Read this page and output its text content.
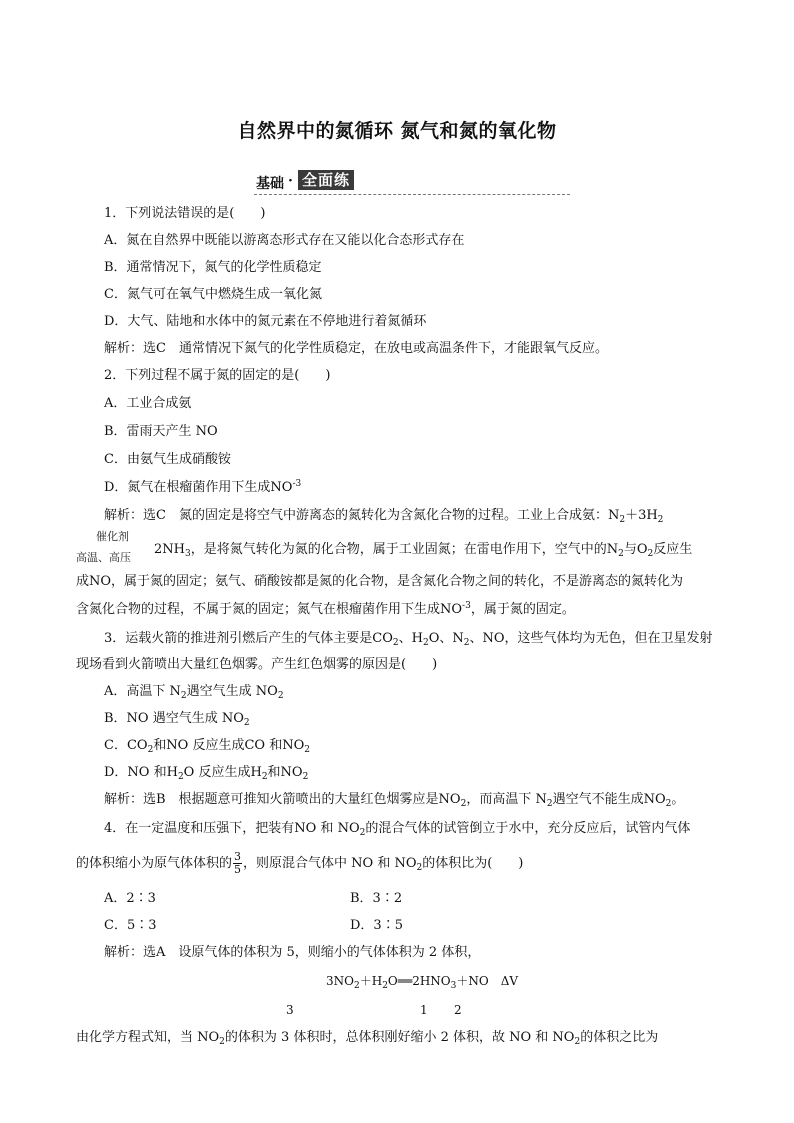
自然界中的氮循环 氮气和氮的氧化物
基础 · 全面练
1．下列说法错误的是(　　)
A．氮在自然界中既能以游离态形式存在又能以化合态形式存在
B．通常情况下，氮气的化学性质稳定
C．氮气可在氧气中燃烧生成一氧化氮
D．大气、陆地和水体中的氮元素在不停地进行着氮循环
解析：选C　通常情况下氮气的化学性质稳定，在放电或高温条件下，才能跟氧气反应。
2．下列过程不属于氮的固定的是(　　)
A．工业合成氨
B．雷雨天产生 NO
C．由氨气生成硝酸铵
D．氮气在根瘤菌作用下生成$NO^{-3}$
解析：选C　氮的固定是将空气中游离态的氮转化为含氮化合物的过程。工业上合成氨：$N_2+3H_2$
催化剂
高温、高压
$2NH_3$，是将氮气转化为氮的化合物，属于工业固氮；在雷电作用下，空气中的$N_2$与$O_2$反应生
成NO，属于氮的固定；氨气、硝酸铵都是氮的化合物，是含氮化合物之间的转化，不是游离态的氮转化为
含氮化合物的过程，不属于氮的固定；氮气在根瘤菌作用下生成$NO^{-3}$，属于氮的固定。
3．运载火箭的推进剂引燃后产生的气体主要是$CO_2$、$H_2O$、$N_2$、NO，这些气体均为无色，但在卫星发射
现场看到火箭喷出大量红色烟雾。产生红色烟雾的原因是(　　)
A．高温下 $N_2$遇空气生成 $NO_2$
B．NO 遇空气生成 $NO_2$
C．$CO_2$和NO 反应生成CO 和$NO_2$
D．NO 和$H_2O$ 反应生成$H_2$和$NO_2$
解析：选B　根据题意可推知火箭喷出的大量红色烟雾应是$NO_2$，而高温下 $N_2$遇空气不能生成$NO_2$。
4．在一定温度和压强下，把装有NO 和 $NO_2$的混合气体的试管倒立于水中，充分反应后，试管内气体
的体积缩小为原气体体积的 $\frac{3}{5}$ ，则原混合气体中 NO 和 $NO_2$的体积比为(　　)
A．2∶3	B．3∶2
C．5∶3	D．3∶5
解析：选A　设原气体的体积为 5，则缩小的气体体积为 2 体积，
$3NO_2+H_2O══2HNO_3+NO$　ΔV
3	1 2
由化学方程式知，当 $NO_2$的体积为 3 体积时，总体积刚好缩小 2 体积，故 NO 和 $NO_2$的体积之比为
